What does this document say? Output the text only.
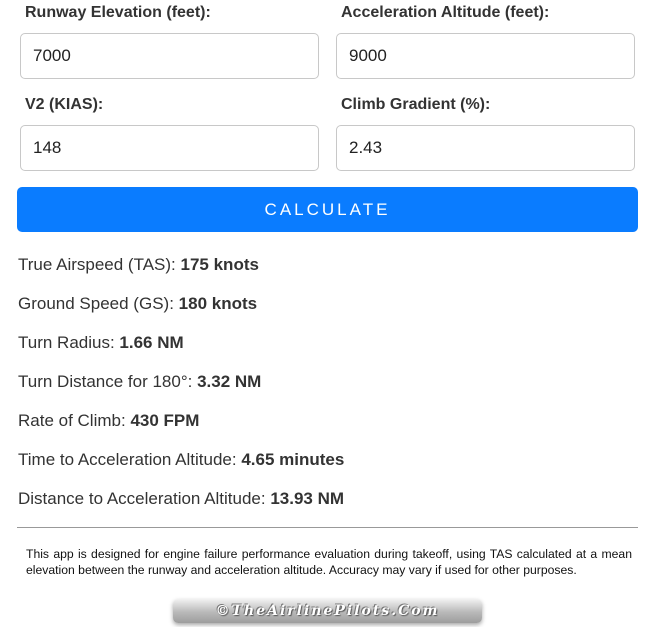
Runway Elevation (feet):
7000	Acceleration Altitude (feet):
9000
V2 (KIAS):
148	Climb Gradient (%):
2.43
CALCULATE
True Airspeed (TAS): 175 knots
Ground Speed (GS): 180 knots
Turn Radius: 1.66 NM
Turn Distance for 180°: 3.32 NM
Rate of Climb: 430 FPM
Time to Acceleration Altitude: 4.65 minutes
Distance to Acceleration Altitude: 13.93 NM
This app is designed for engine failure performance evaluation during takeoff, using TAS calculated at a mean elevation between the runway and acceleration altitude. Accuracy may vary if used for other purposes.
©TheAirlinePilots.Com
